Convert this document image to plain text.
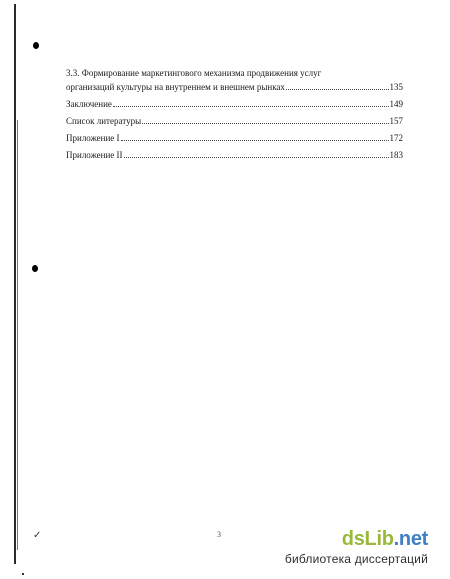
✓
3.3. Формирование маркетингового механизма продвижения услуг
организаций культуры на внутреннем и внешнем рынках	135
Заключение	149
Список литературы	157
Приложение I	172
Приложение II	183
3	dsLib.net
библиотека диссертаций
